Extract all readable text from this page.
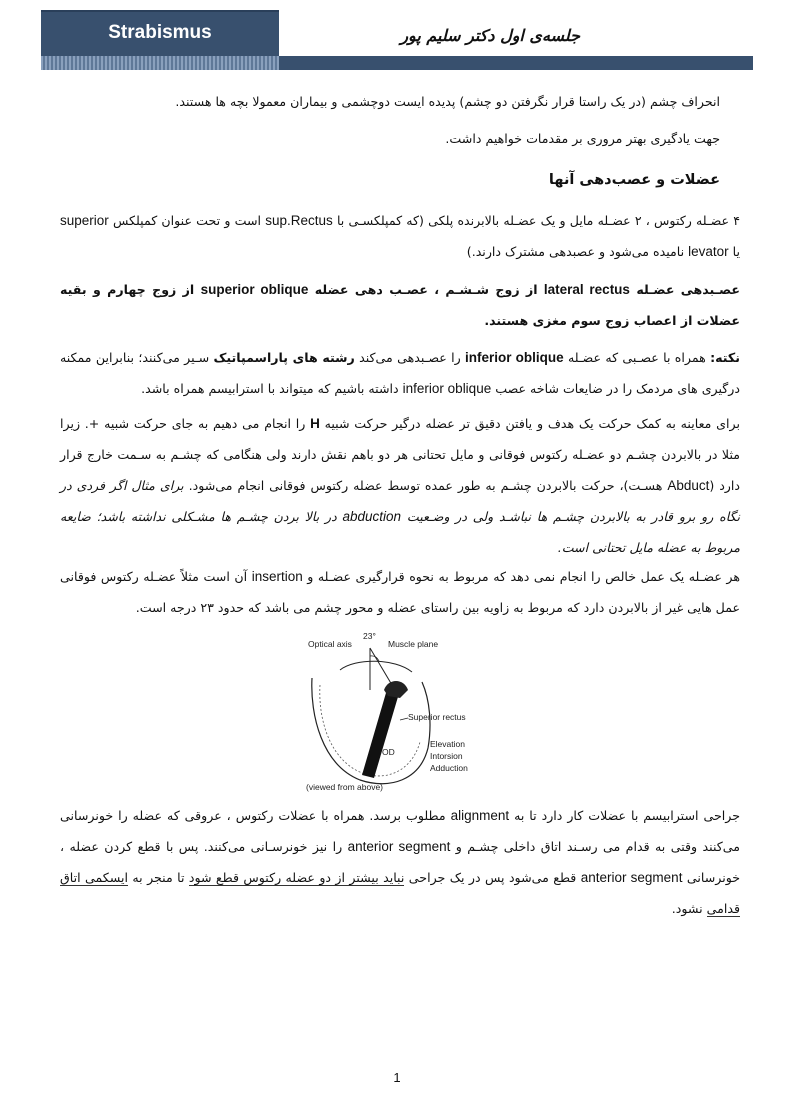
Strabismus	جلسه‌ی اول دکتر سلیم پور
انحراف چشم (در یک راستا قرار نگرفتن دو چشم) پدیده ایست دوچشمی و بیماران معمولا بچه ها هستند.
جهت یادگیری بهتر مروری بر مقدمات خواهیم داشت.
عضلات و عصب‌دهی آنها
۴ عضـله رکتوس ، ۲ عضـله مایل و یک عضـله بالابرنده پلکی (که کمپلکسـی با sup.Rectus است و تحت عنوان کمپلکس superior یا levator نامیده می‌شود و عصبدهی مشترک دارند.)
عصـبدهی عضـله lateral rectus از زوج شـشـم ، عصـب دهی عضله superior oblique از زوج چهارم و بقیه عضلات از اعصاب زوج سوم مغزی هستند.
نکته: همراه با عصـبی که عضـله inferior oblique را عصـبدهی می‌کند رشته های پاراسمپاتیک سـیر می‌کنند؛ بنابراین ممکنه درگیری های مردمک را در ضایعات شاخه عصب inferior oblique داشته باشیم که میتواند با استرابیسم همراه باشد.
برای معاینه به کمک حرکت یک هدف و یافتن دقیق تر عضله درگیر حرکت شبیه H را انجام می دهیم به جای حرکت شبیه +. زیرا مثلا در بالابردن چشـم دو عضـله رکتوس فوقانی و مایل تحتانی هر دو باهم نقش دارند ولی هنگامی که چشـم به سـمت خارج قرار دارد (Abduct هسـت)، حرکت بالابردن چشـم به طور عمده توسط عضله رکتوس فوقانی انجام می‌شود. برای مثال اگر فردی در نگاه رو برو قادر به بالابردن چشـم ها نباشـد ولی در وضـعیت abduction در بالا بردن چشـم ها مشـکلی نداشته باشد؛ ضایعه مربوط به عضله مایل تحتانی است.
هر عضـله یک عمل خالص را انجام نمی دهد که مربوط به نحوه قرارگیری عضـله و insertion آن است مثلاً عضـله رکتوس فوقانی عمل هایی غیر از بالابردن دارد که مربوط به زاویه بین راستای عضله و محور چشم می باشد که حدود ۲۳ درجه است.
Optical axis
23°
Muscle plane
Superior rectus
OD
Elevation
Intorsion
Adduction
(viewed from above)
جراحی استرابیسم با عضلات کار دارد تا به alignment مطلوب برسد. همراه با عضلات رکتوس ، عروقی که عضله را خونرسانی می‌کنند وقتی به قدام می رسـند اتاق داخلی چشـم و anterior segment را نیز خونرسـانی می‌کنند. پس با قطع کردن عضله ، خونرسانی anterior segment قطع می‌شود پس در یک جراحی نباید بیشتر از دو عضله رکتوس قطع شود تا منجر به ایسکمی اتاق قدامی نشود.
1
